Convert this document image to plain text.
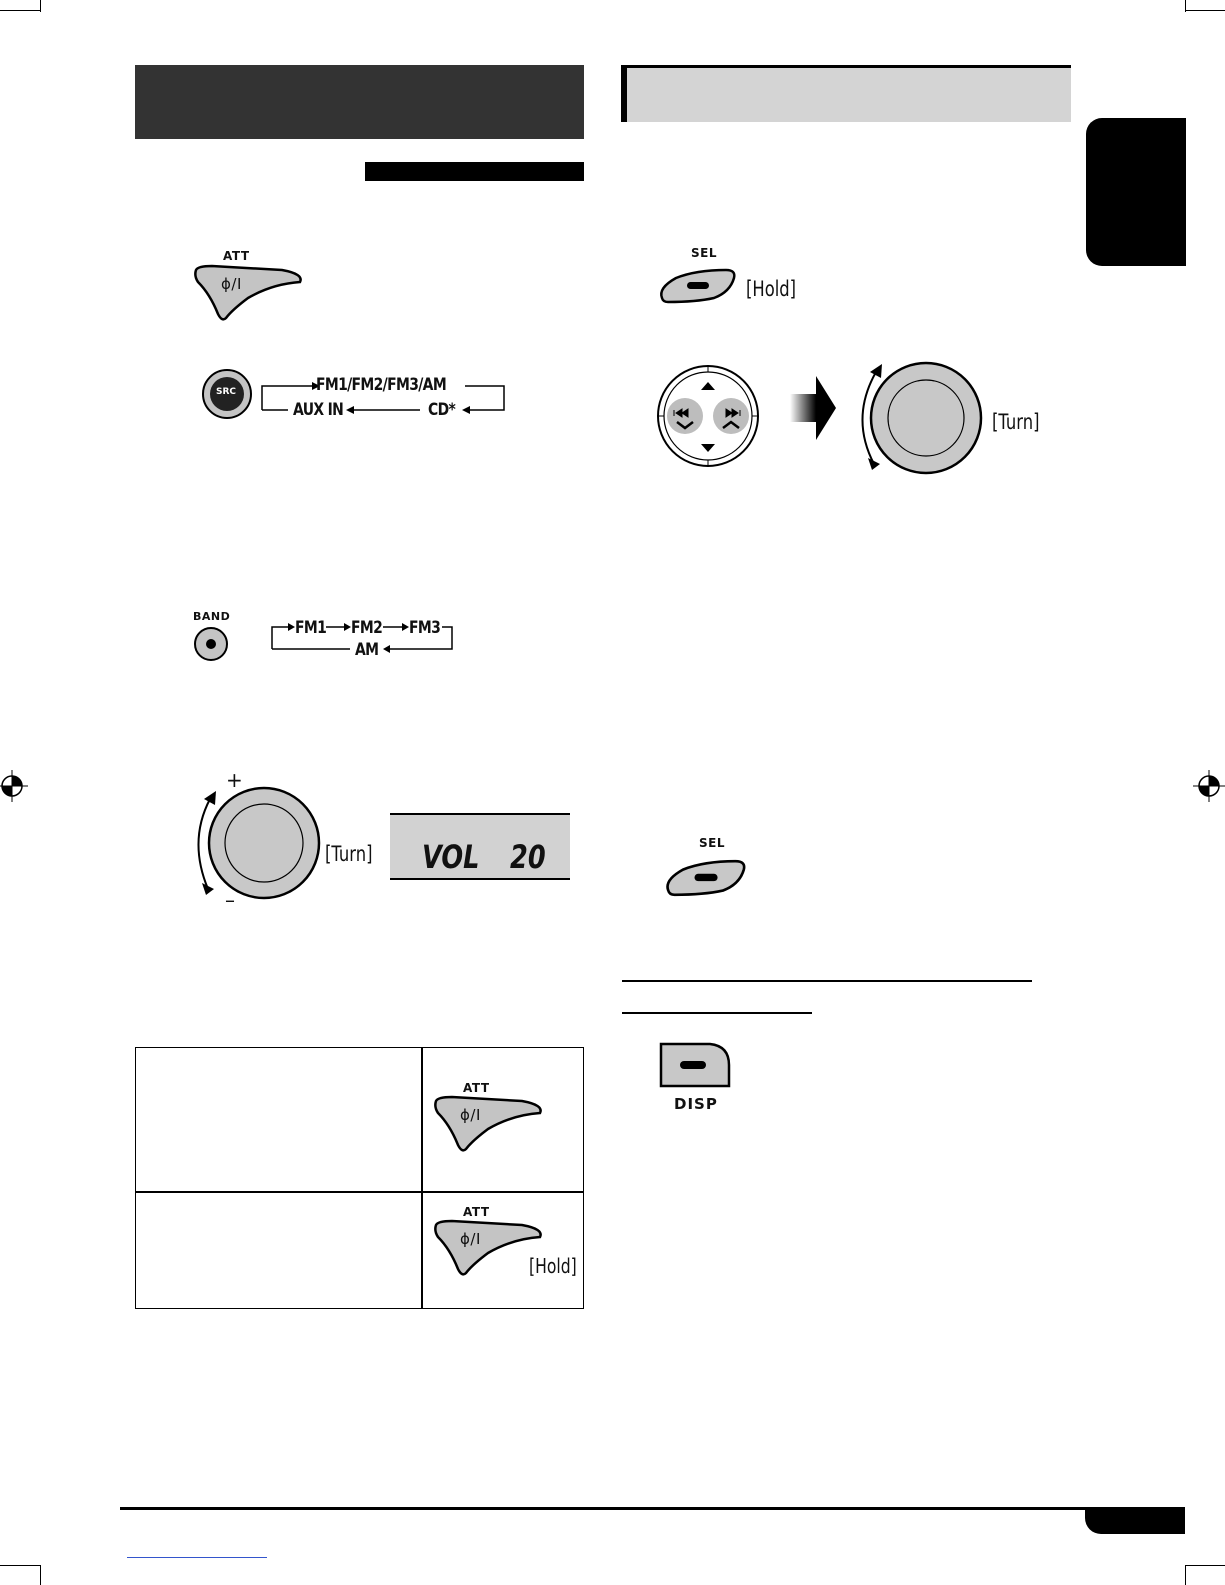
ATT
ϕ/I
SRC	FM1/FM2/FM3/AM
AUX IN	CD*
BAND
FM1 FM2 FM3
AM
+
–
[Turn] VOL 20
ATT
ϕ/I
ATT
ϕ/I
[Hold]
SEL
[Hold]
[Turn]
SEL
DISP
